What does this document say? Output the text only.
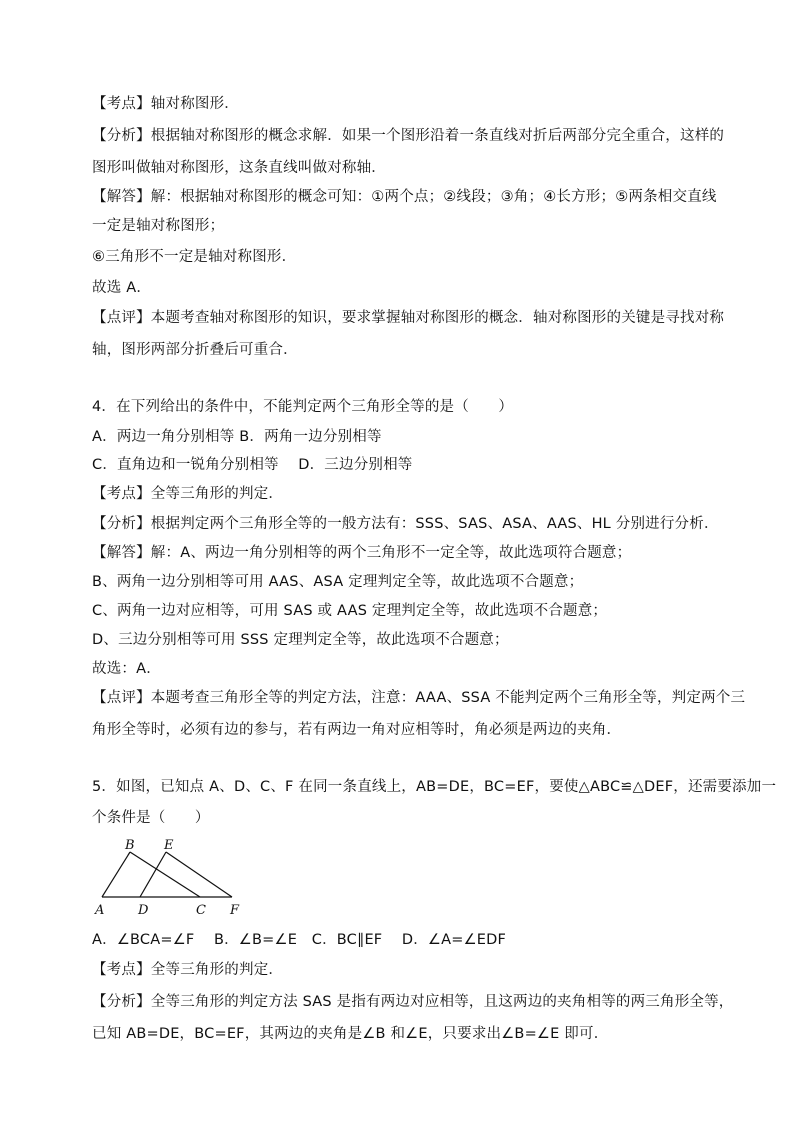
【考点】轴对称图形．
【分析】根据轴对称图形的概念求解．如果一个图形沿着一条直线对折后两部分完全重合，这样的
图形叫做轴对称图形，这条直线叫做对称轴．
【解答】解：根据轴对称图形的概念可知：①两个点；②线段；③角；④长方形；⑤两条相交直线
一定是轴对称图形；
⑥三角形不一定是轴对称图形．
故选 A．
【点评】本题考查轴对称图形的知识，要求掌握轴对称图形的概念．轴对称图形的关键是寻找对称
轴，图形两部分折叠后可重合．
4．在下列给出的条件中，不能判定两个三角形全等的是（　　）
A．两边一角分别相等 B．两角一边分别相等
C．直角边和一锐角分别相等　 D．三边分别相等
【考点】全等三角形的判定．
【分析】根据判定两个三角形全等的一般方法有：SSS、SAS、ASA、AAS、HL 分别进行分析．
【解答】解：A、两边一角分别相等的两个三角形不一定全等，故此选项符合题意；
B、两角一边分别相等可用 AAS、ASA 定理判定全等，故此选项不合题意；
C、两角一边对应相等，可用 SAS 或 AAS 定理判定全等，故此选项不合题意；
D、三边分别相等可用 SSS 定理判定全等，故此选项不合题意；
故选：A．
【点评】本题考查三角形全等的判定方法，注意：AAA、SSA 不能判定两个三角形全等，判定两个三
角形全等时，必须有边的参与，若有两边一角对应相等时，角必须是两边的夹角．
5．如图，已知点 A、D、C、F 在同一条直线上，AB=DE，BC=EF，要使△ABC≌△DEF，还需要添加一
个条件是（　　）
B E
A	D	C F
A．∠BCA=∠F　 B．∠B=∠E　C．BC∥EF　 D．∠A=∠EDF
【考点】全等三角形的判定．
【分析】全等三角形的判定方法 SAS 是指有两边对应相等，且这两边的夹角相等的两三角形全等，
已知 AB=DE，BC=EF，其两边的夹角是∠B 和∠E，只要求出∠B=∠E 即可．
